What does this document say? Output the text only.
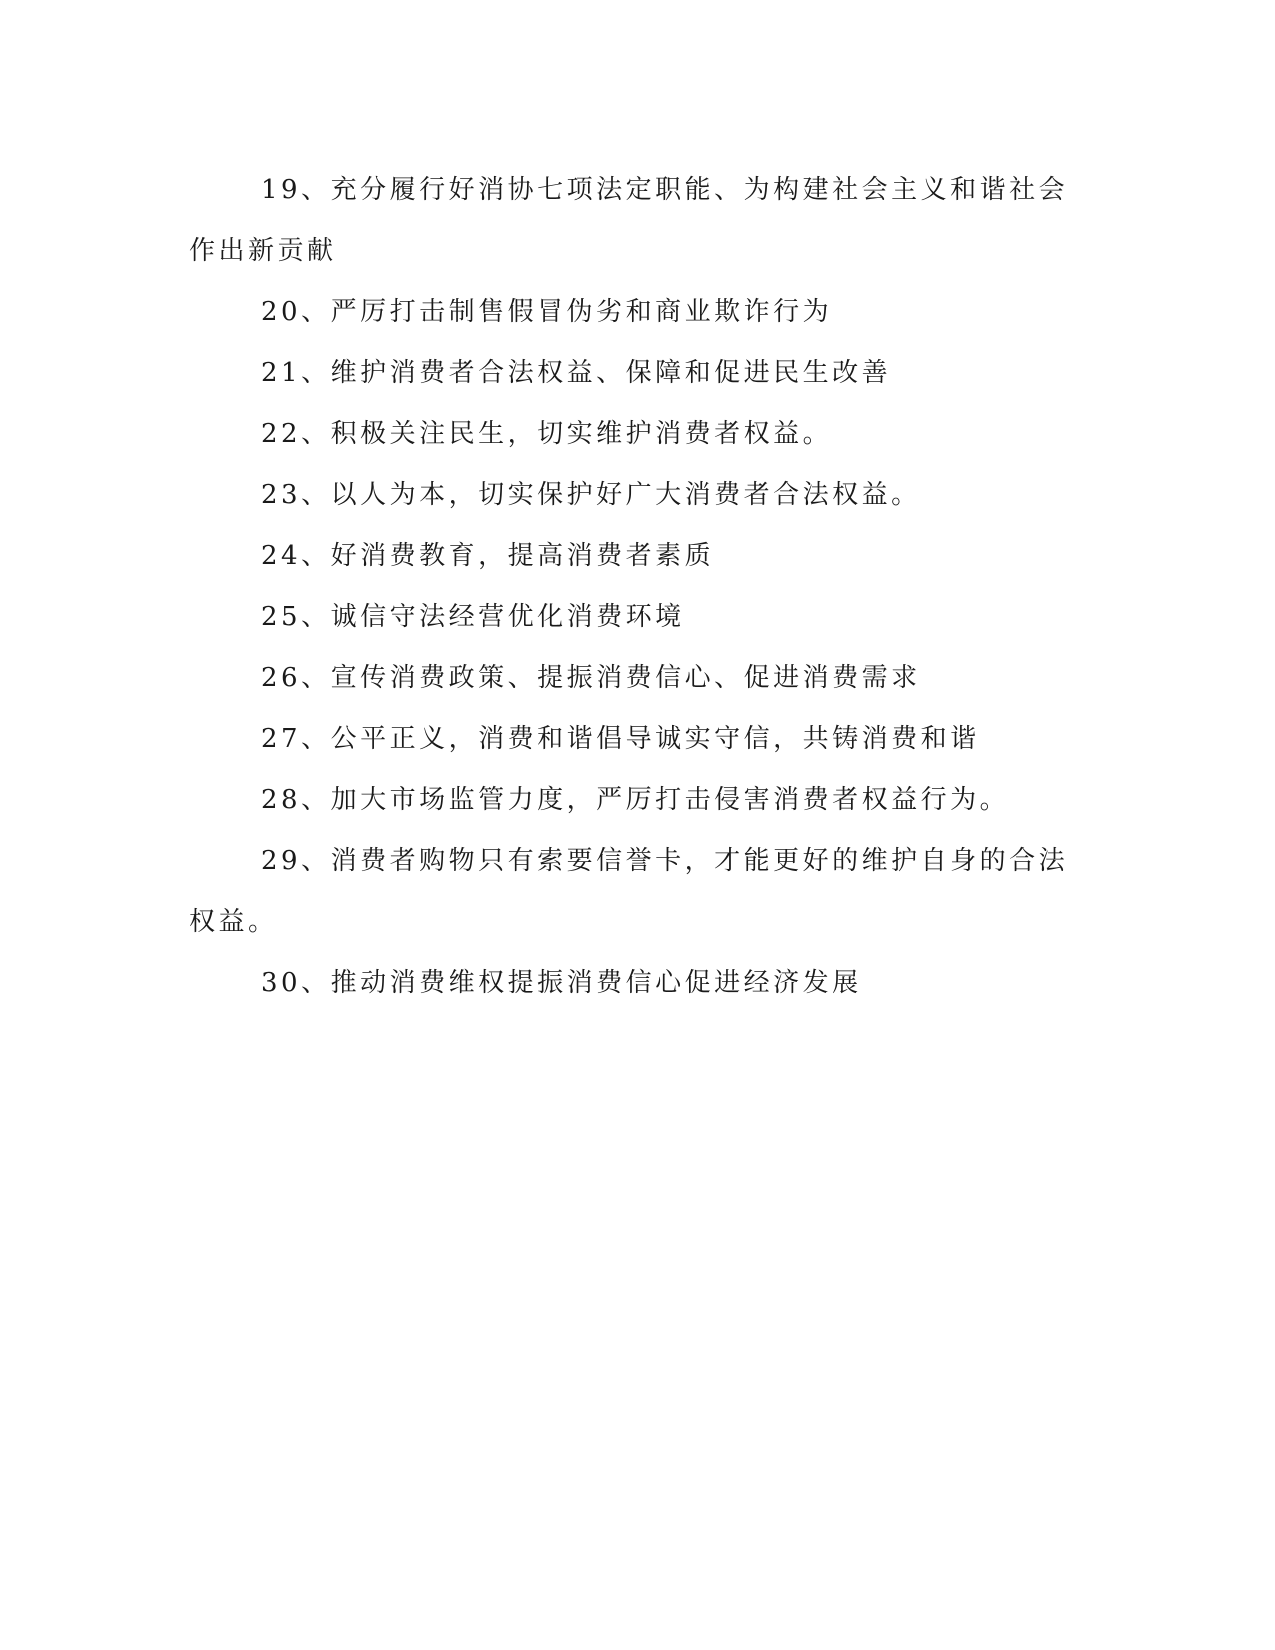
19、充分履行好消协七项法定职能、为构建社会主义和谐社会作出新贡献

20、严厉打击制售假冒伪劣和商业欺诈行为

21、维护消费者合法权益、保障和促进民生改善

22、积极关注民生，切实维护消费者权益。

23、以人为本，切实保护好广大消费者合法权益。

24、好消费教育，提高消费者素质

25、诚信守法经营优化消费环境

26、宣传消费政策、提振消费信心、促进消费需求

27、公平正义，消费和谐倡导诚实守信，共铸消费和谐

28、加大市场监管力度，严厉打击侵害消费者权益行为。

29、消费者购物只有索要信誉卡，才能更好的维护自身的合法权益。

30、推动消费维权提振消费信心促进经济发展
